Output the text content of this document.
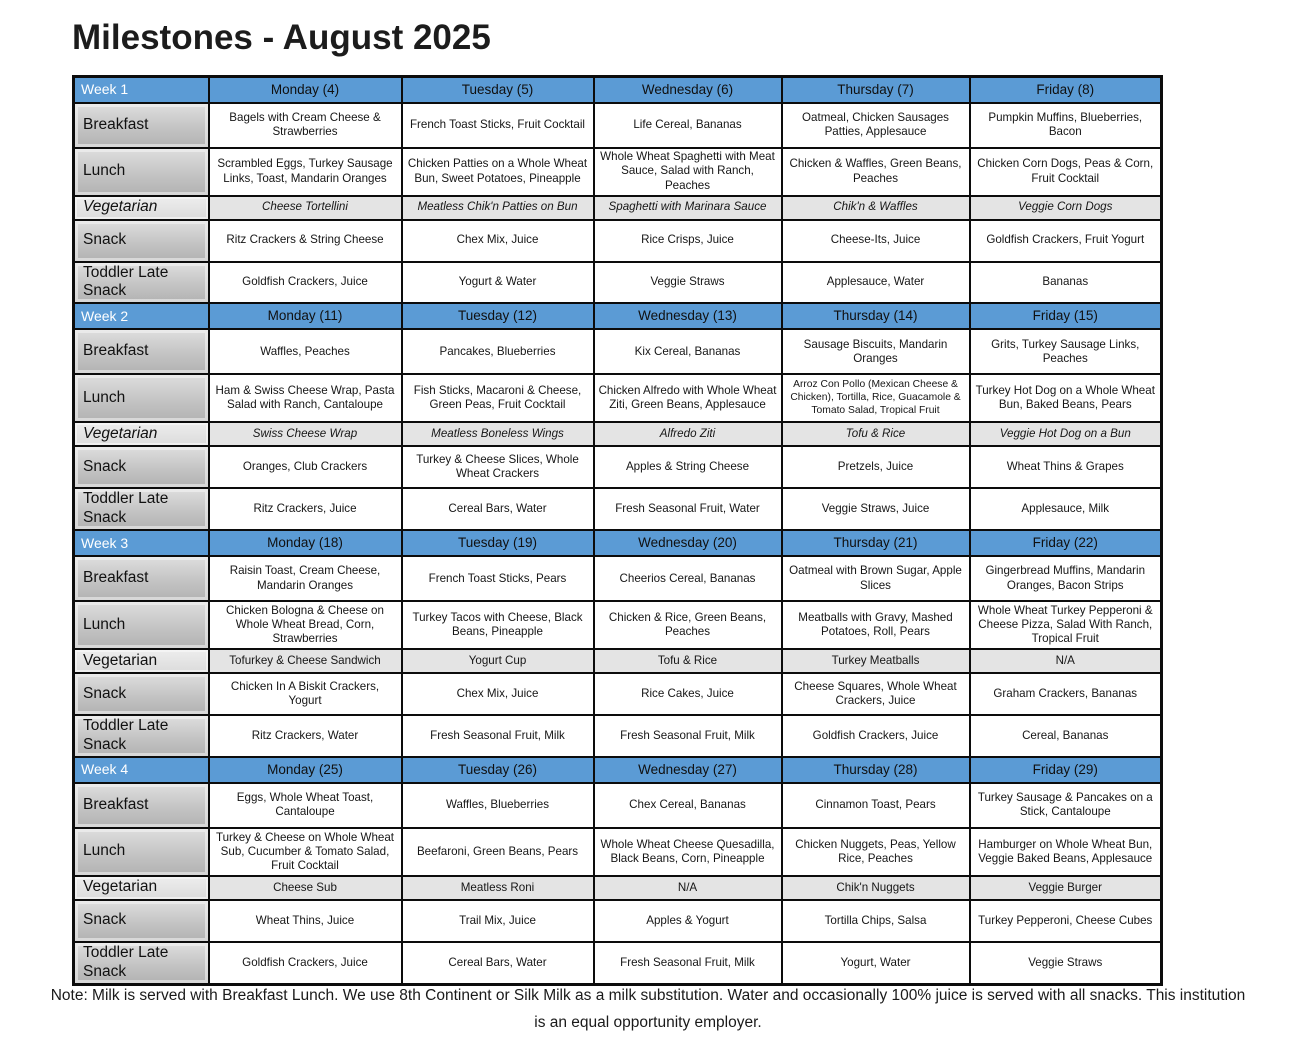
Milestones - August 2025
Week 1	Monday (4)	Tuesday (5)	Wednesday (6)	Thursday (7)	Friday (8)
Breakfast	Bagels with Cream Cheese & Strawberries	French Toast Sticks, Fruit Cocktail	Life Cereal, Bananas	Oatmeal, Chicken Sausages Patties, Applesauce	Pumpkin Muffins, Blueberries, Bacon
Lunch	Scrambled Eggs, Turkey Sausage Links, Toast, Mandarin Oranges	Chicken Patties on a Whole Wheat Bun, Sweet Potatoes, Pineapple	Whole Wheat Spaghetti with Meat Sauce, Salad with Ranch, Peaches	Chicken & Waffles, Green Beans, Peaches	Chicken Corn Dogs, Peas & Corn, Fruit Cocktail
Vegetarian	Cheese Tortellini	Meatless Chik'n Patties on Bun	Spaghetti with Marinara Sauce	Chik'n & Waffles	Veggie Corn Dogs
Snack	Ritz Crackers & String Cheese	Chex Mix, Juice	Rice Crisps, Juice	Cheese-Its, Juice	Goldfish Crackers, Fruit Yogurt
Toddler Late Snack	Goldfish Crackers, Juice	Yogurt & Water	Veggie Straws	Applesauce, Water	Bananas
Week 2	Monday (11)	Tuesday (12)	Wednesday (13)	Thursday (14)	Friday (15)
Breakfast	Waffles, Peaches	Pancakes, Blueberries	Kix Cereal, Bananas	Sausage Biscuits, Mandarin Oranges	Grits, Turkey Sausage Links, Peaches
Lunch	Ham & Swiss Cheese Wrap, Pasta Salad with Ranch, Cantaloupe	Fish Sticks, Macaroni & Cheese, Green Peas, Fruit Cocktail	Chicken Alfredo with Whole Wheat Ziti, Green Beans, Applesauce	Arroz Con Pollo (Mexican Cheese & Chicken), Tortilla, Rice, Guacamole & Tomato Salad, Tropical Fruit	Turkey Hot Dog on a Whole Wheat Bun, Baked Beans, Pears
Vegetarian	Swiss Cheese Wrap	Meatless Boneless Wings	Alfredo Ziti	Tofu & Rice	Veggie Hot Dog on a Bun
Snack	Oranges, Club Crackers	Turkey & Cheese Slices, Whole Wheat Crackers	Apples & String Cheese	Pretzels, Juice	Wheat Thins & Grapes
Toddler Late Snack	Ritz Crackers, Juice	Cereal Bars, Water	Fresh Seasonal Fruit, Water	Veggie Straws, Juice	Applesauce, Milk
Week 3	Monday (18)	Tuesday (19)	Wednesday (20)	Thursday (21)	Friday (22)
Breakfast	Raisin Toast, Cream Cheese, Mandarin Oranges	French Toast Sticks, Pears	Cheerios Cereal, Bananas	Oatmeal with Brown Sugar, Apple Slices	Gingerbread Muffins, Mandarin Oranges, Bacon Strips
Lunch	Chicken Bologna & Cheese on Whole Wheat Bread, Corn, Strawberries	Turkey Tacos with Cheese, Black Beans, Pineapple	Chicken & Rice, Green Beans, Peaches	Meatballs with Gravy, Mashed Potatoes, Roll, Pears	Whole Wheat Turkey Pepperoni & Cheese Pizza, Salad With Ranch, Tropical Fruit
Vegetarian	Tofurkey & Cheese Sandwich	Yogurt Cup	Tofu & Rice	Turkey Meatballs	N/A
Snack	Chicken In A Biskit Crackers, Yogurt	Chex Mix, Juice	Rice Cakes, Juice	Cheese Squares, Whole Wheat Crackers, Juice	Graham Crackers, Bananas
Toddler Late Snack	Ritz Crackers, Water	Fresh Seasonal Fruit, Milk	Fresh Seasonal Fruit, Milk	Goldfish Crackers, Juice	Cereal, Bananas
Week 4	Monday (25)	Tuesday (26)	Wednesday (27)	Thursday (28)	Friday (29)
Breakfast	Eggs, Whole Wheat Toast, Cantaloupe	Waffles, Blueberries	Chex Cereal, Bananas	Cinnamon Toast, Pears	Turkey Sausage & Pancakes on a Stick, Cantaloupe
Lunch	Turkey & Cheese on Whole Wheat Sub, Cucumber & Tomato Salad, Fruit Cocktail	Beefaroni, Green Beans, Pears	Whole Wheat Cheese Quesadilla, Black Beans, Corn, Pineapple	Chicken Nuggets, Peas, Yellow Rice, Peaches	Hamburger on Whole Wheat Bun, Veggie Baked Beans, Applesauce
Vegetarian	Cheese Sub	Meatless Roni	N/A	Chik'n Nuggets	Veggie Burger
Snack	Wheat Thins, Juice	Trail Mix, Juice	Apples & Yogurt	Tortilla Chips, Salsa	Turkey Pepperoni, Cheese Cubes
Toddler Late Snack	Goldfish Crackers, Juice	Cereal Bars, Water	Fresh Seasonal Fruit, Milk	Yogurt, Water	Veggie Straws
Note: Milk is served with Breakfast Lunch. We use 8th Continent or Silk Milk as a milk substitution. Water and occasionally 100% juice is served with all snacks. This institution is an equal opportunity employer.
